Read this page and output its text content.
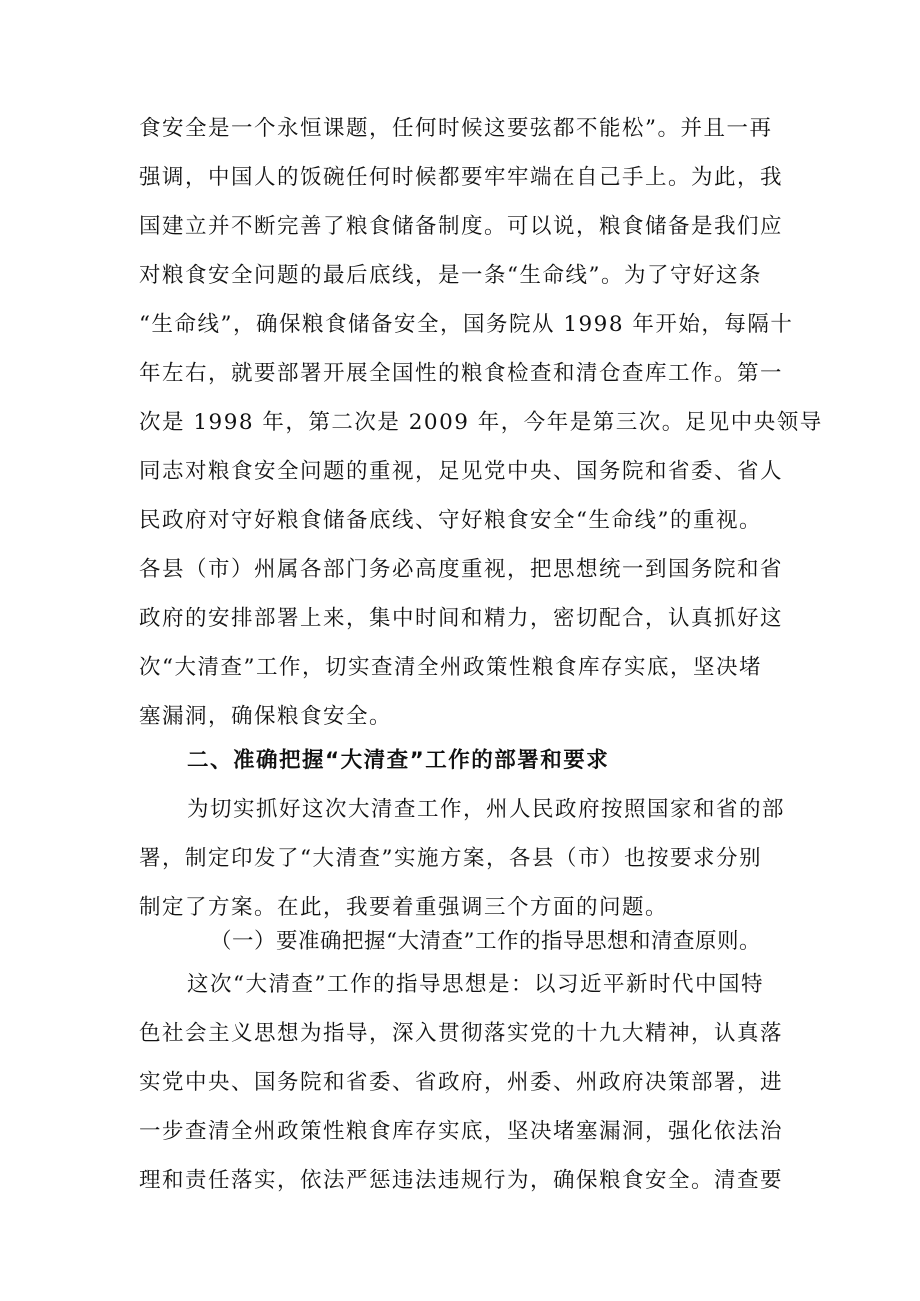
食安全是一个永恒课题，任何时候这要弦都不能松”。并且一再
强调，中国人的饭碗任何时候都要牢牢端在自己手上。为此，我
国建立并不断完善了粮食储备制度。可以说，粮食储备是我们应
对粮食安全问题的最后底线，是一条“生命线”。为了守好这条
“生命线”，确保粮食储备安全，国务院从 1998 年开始，每隔十
年左右，就要部署开展全国性的粮食检查和清仓查库工作。第一
次是 1998 年，第二次是 2009 年，今年是第三次。足见中央领导
同志对粮食安全问题的重视，足见党中央、国务院和省委、省人
民政府对守好粮食储备底线、守好粮食安全“生命线”的重视。
各县（市）州属各部门务必高度重视，把思想统一到国务院和省
政府的安排部署上来，集中时间和精力，密切配合，认真抓好这
次“大清查”工作，切实查清全州政策性粮食库存实底，坚决堵
塞漏洞，确保粮食安全。
二、准确把握“大清查”工作的部署和要求
为切实抓好这次大清查工作，州人民政府按照国家和省的部
署，制定印发了“大清查”实施方案，各县（市）也按要求分别
制定了方案。在此，我要着重强调三个方面的问题。
（一）要准确把握“大清查”工作的指导思想和清查原则。
这次“大清查”工作的指导思想是：以习近平新时代中国特
色社会主义思想为指导，深入贯彻落实党的十九大精神，认真落
实党中央、国务院和省委、省政府，州委、州政府决策部署，进
一步查清全州政策性粮食库存实底，坚决堵塞漏洞，强化依法治
理和责任落实，依法严惩违法违规行为，确保粮食安全。清查要
